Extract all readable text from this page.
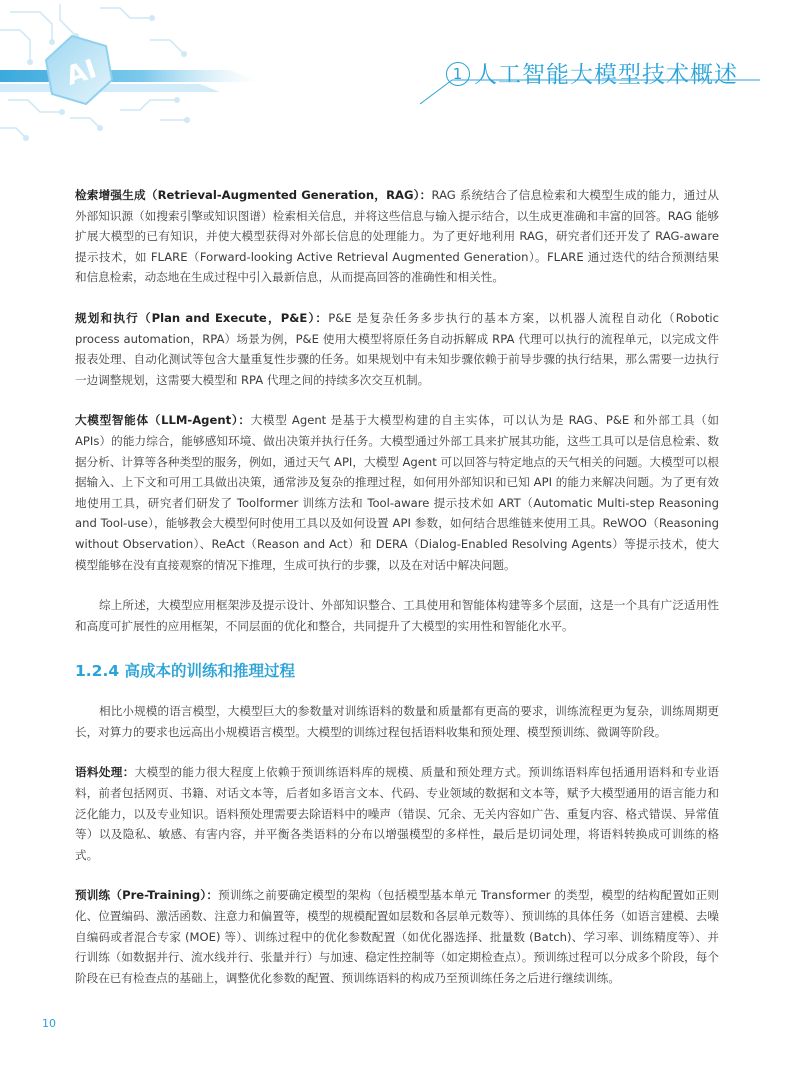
AI	1 人工智能大模型技术概述

检索增强生成（Retrieval-Augmented Generation，RAG）：RAG 系统结合了信息检索和大模型生成的能力，通过从外部知识源（如搜索引擎或知识图谱）检索相关信息，并将这些信息与输入提示结合，以生成更准确和丰富的回答。RAG 能够扩展大模型的已有知识，并使大模型获得对外部长信息的处理能力。为了更好地利用 RAG，研究者们还开发了 RAG-aware 提示技术，如 FLARE（Forward-looking Active Retrieval Augmented Generation）。FLARE 通过迭代的结合预测结果和信息检索，动态地在生成过程中引入最新信息，从而提高回答的准确性和相关性。

规划和执行（Plan and Execute，P&E）：P&E 是复杂任务多步执行的基本方案，以机器人流程自动化（Robotic process automation，RPA）场景为例，P&E 使用大模型将原任务自动拆解成 RPA 代理可以执行的流程单元，以完成文件报表处理、自动化测试等包含大量重复性步骤的任务。如果规划中有未知步骤依赖于前导步骤的执行结果，那么需要一边执行一边调整规划，这需要大模型和 RPA 代理之间的持续多次交互机制。

大模型智能体（LLM-Agent）：大模型 Agent 是基于大模型构建的自主实体，可以认为是 RAG、P&E 和外部工具（如 APIs）的能力综合，能够感知环境、做出决策并执行任务。大模型通过外部工具来扩展其功能，这些工具可以是信息检索、数据分析、计算等各种类型的服务，例如，通过天气 API，大模型 Agent 可以回答与特定地点的天气相关的问题。大模型可以根据输入、上下文和可用工具做出决策，通常涉及复杂的推理过程，如何用外部知识和已知 API 的能力来解决问题。为了更有效地使用工具，研究者们研发了 Toolformer 训练方法和 Tool-aware 提示技术如 ART（Automatic Multi-step Reasoning and Tool-use），能够教会大模型何时使用工具以及如何设置 API 参数，如何结合思维链来使用工具。ReWOO（Reasoning without Observation）、ReAct（Reason and Act）和 DERA（Dialog-Enabled Resolving Agents）等提示技术，使大模型能够在没有直接观察的情况下推理，生成可执行的步骤，以及在对话中解决问题。

综上所述，大模型应用框架涉及提示设计、外部知识整合、工具使用和智能体构建等多个层面，这是一个具有广泛适用性和高度可扩展性的应用框架，不同层面的优化和整合，共同提升了大模型的实用性和智能化水平。

1.2.4 高成本的训练和推理过程

相比小规模的语言模型，大模型巨大的参数量对训练语料的数量和质量都有更高的要求，训练流程更为复杂，训练周期更长，对算力的要求也远高出小规模语言模型。大模型的训练过程包括语料收集和预处理、模型预训练、微调等阶段。

语料处理：大模型的能力很大程度上依赖于预训练语料库的规模、质量和预处理方式。预训练语料库包括通用语料和专业语料，前者包括网页、书籍、对话文本等，后者如多语言文本、代码、专业领域的数据和文本等，赋予大模型通用的语言能力和泛化能力，以及专业知识。语料预处理需要去除语料中的噪声（错误、冗余、无关内容如广告、重复内容、格式错误、异常值等）以及隐私、敏感、有害内容，并平衡各类语料的分布以增强模型的多样性，最后是切词处理，将语料转换成可训练的格式。

预训练（Pre-Training）：预训练之前要确定模型的架构（包括模型基本单元 Transformer 的类型，模型的结构配置如正则化、位置编码、激活函数、注意力和偏置等，模型的规模配置如层数和各层单元数等）、预训练的具体任务（如语言建模、去噪自编码或者混合专家 (MOE) 等）、训练过程中的优化参数配置（如优化器选择、批量数 (Batch)、学习率、训练精度等）、并行训练（如数据并行、流水线并行、张量并行）与加速、稳定性控制等（如定期检查点）。预训练过程可以分成多个阶段，每个阶段在已有检查点的基础上，调整优化参数的配置、预训练语料的构成乃至预训练任务之后进行继续训练。

10
